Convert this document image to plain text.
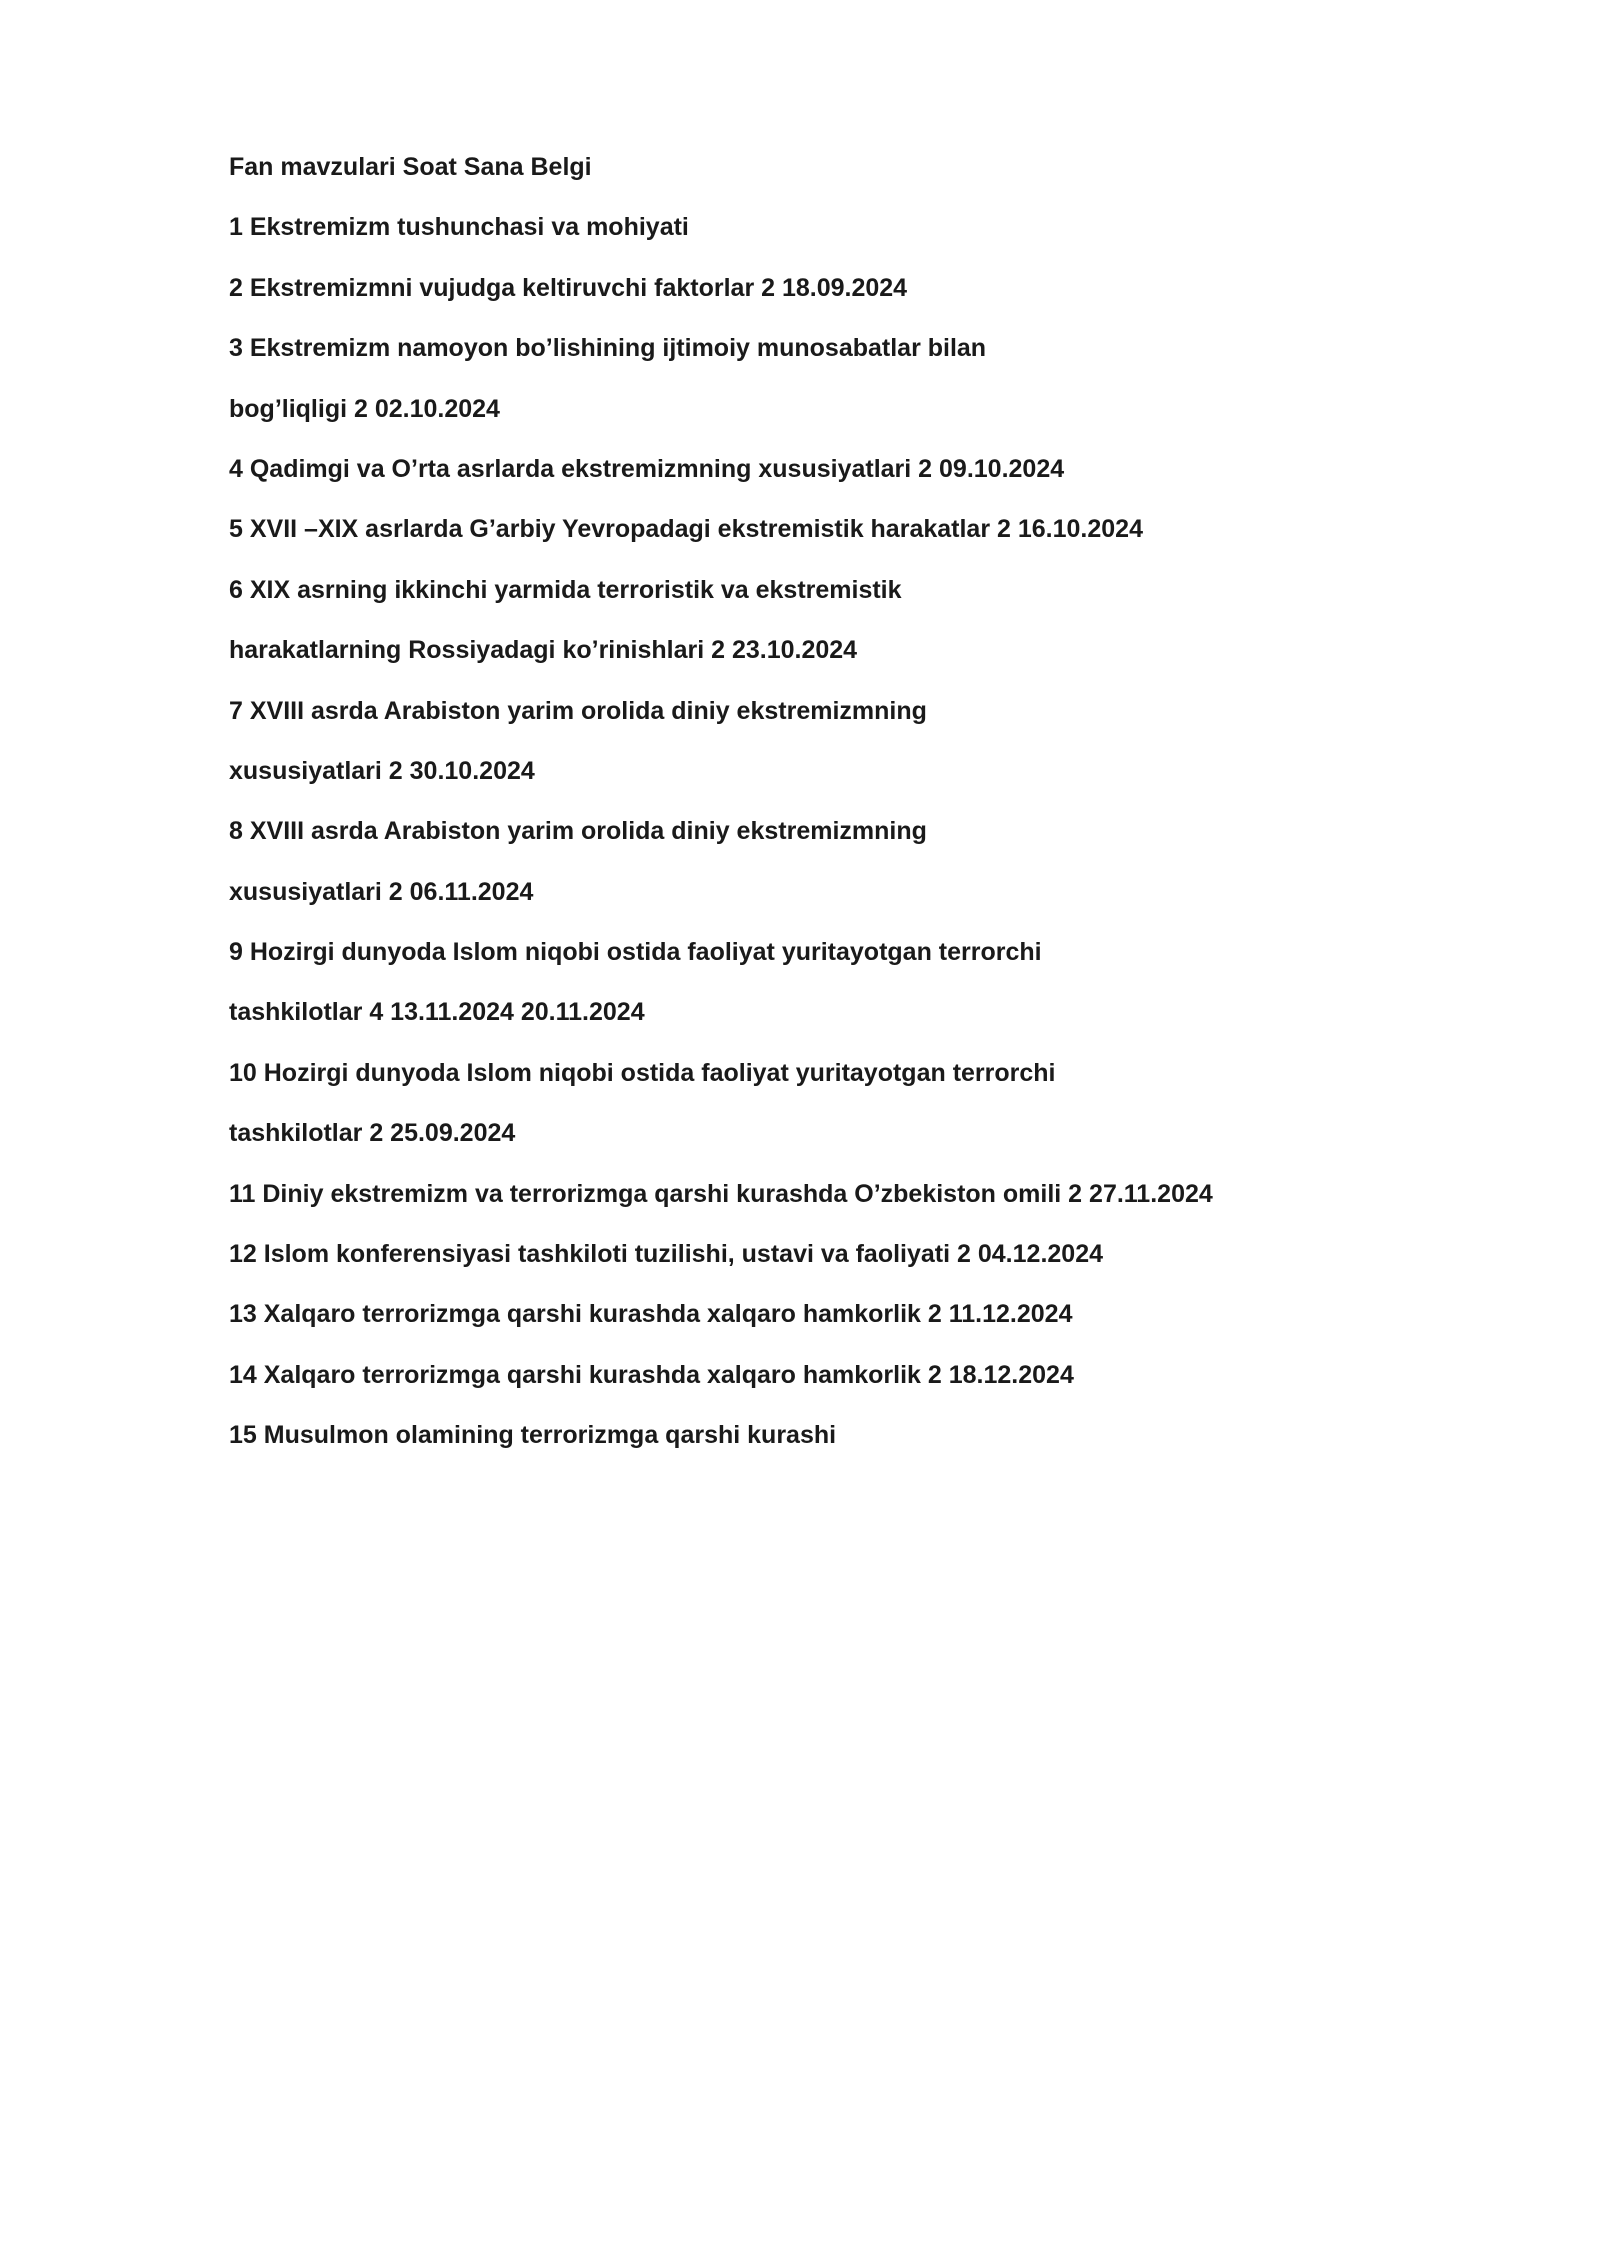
Fan mavzulari Soat Sana Belgi
1 Ekstremizm tushunchasi va mohiyati
2 Ekstremizmni vujudga keltiruvchi faktorlar 2 18.09.2024
3 Ekstremizm namoyon bo’lishining ijtimoiy munosabatlar bilan
bog’liqligi 2 02.10.2024
4 Qadimgi va O’rta asrlarda ekstremizmning xususiyatlari 2 09.10.2024
5 XVII –XIX asrlarda G’arbiy Yevropadagi ekstremistik harakatlar 2 16.10.2024
6 XIX asrning ikkinchi yarmida terroristik va ekstremistik
harakatlarning Rossiyadagi ko’rinishlari 2 23.10.2024
7 XVIII asrda Arabiston yarim orolida diniy ekstremizmning
xususiyatlari 2 30.10.2024
8 XVIII asrda Arabiston yarim orolida diniy ekstremizmning
xususiyatlari 2 06.11.2024
9 Hozirgi dunyoda Islom niqobi ostida faoliyat yuritayotgan terrorchi
tashkilotlar 4 13.11.2024 20.11.2024
10 Hozirgi dunyoda Islom niqobi ostida faoliyat yuritayotgan terrorchi
tashkilotlar 2 25.09.2024
11 Diniy ekstremizm va terrorizmga qarshi kurashda O’zbekiston omili 2 27.11.2024
12 Islom konferensiyasi tashkiloti tuzilishi, ustavi va faoliyati 2 04.12.2024
13 Xalqaro terrorizmga qarshi kurashda xalqaro hamkorlik 2 11.12.2024
14 Xalqaro terrorizmga qarshi kurashda xalqaro hamkorlik 2 18.12.2024
15 Musulmon olamining terrorizmga qarshi kurashi
